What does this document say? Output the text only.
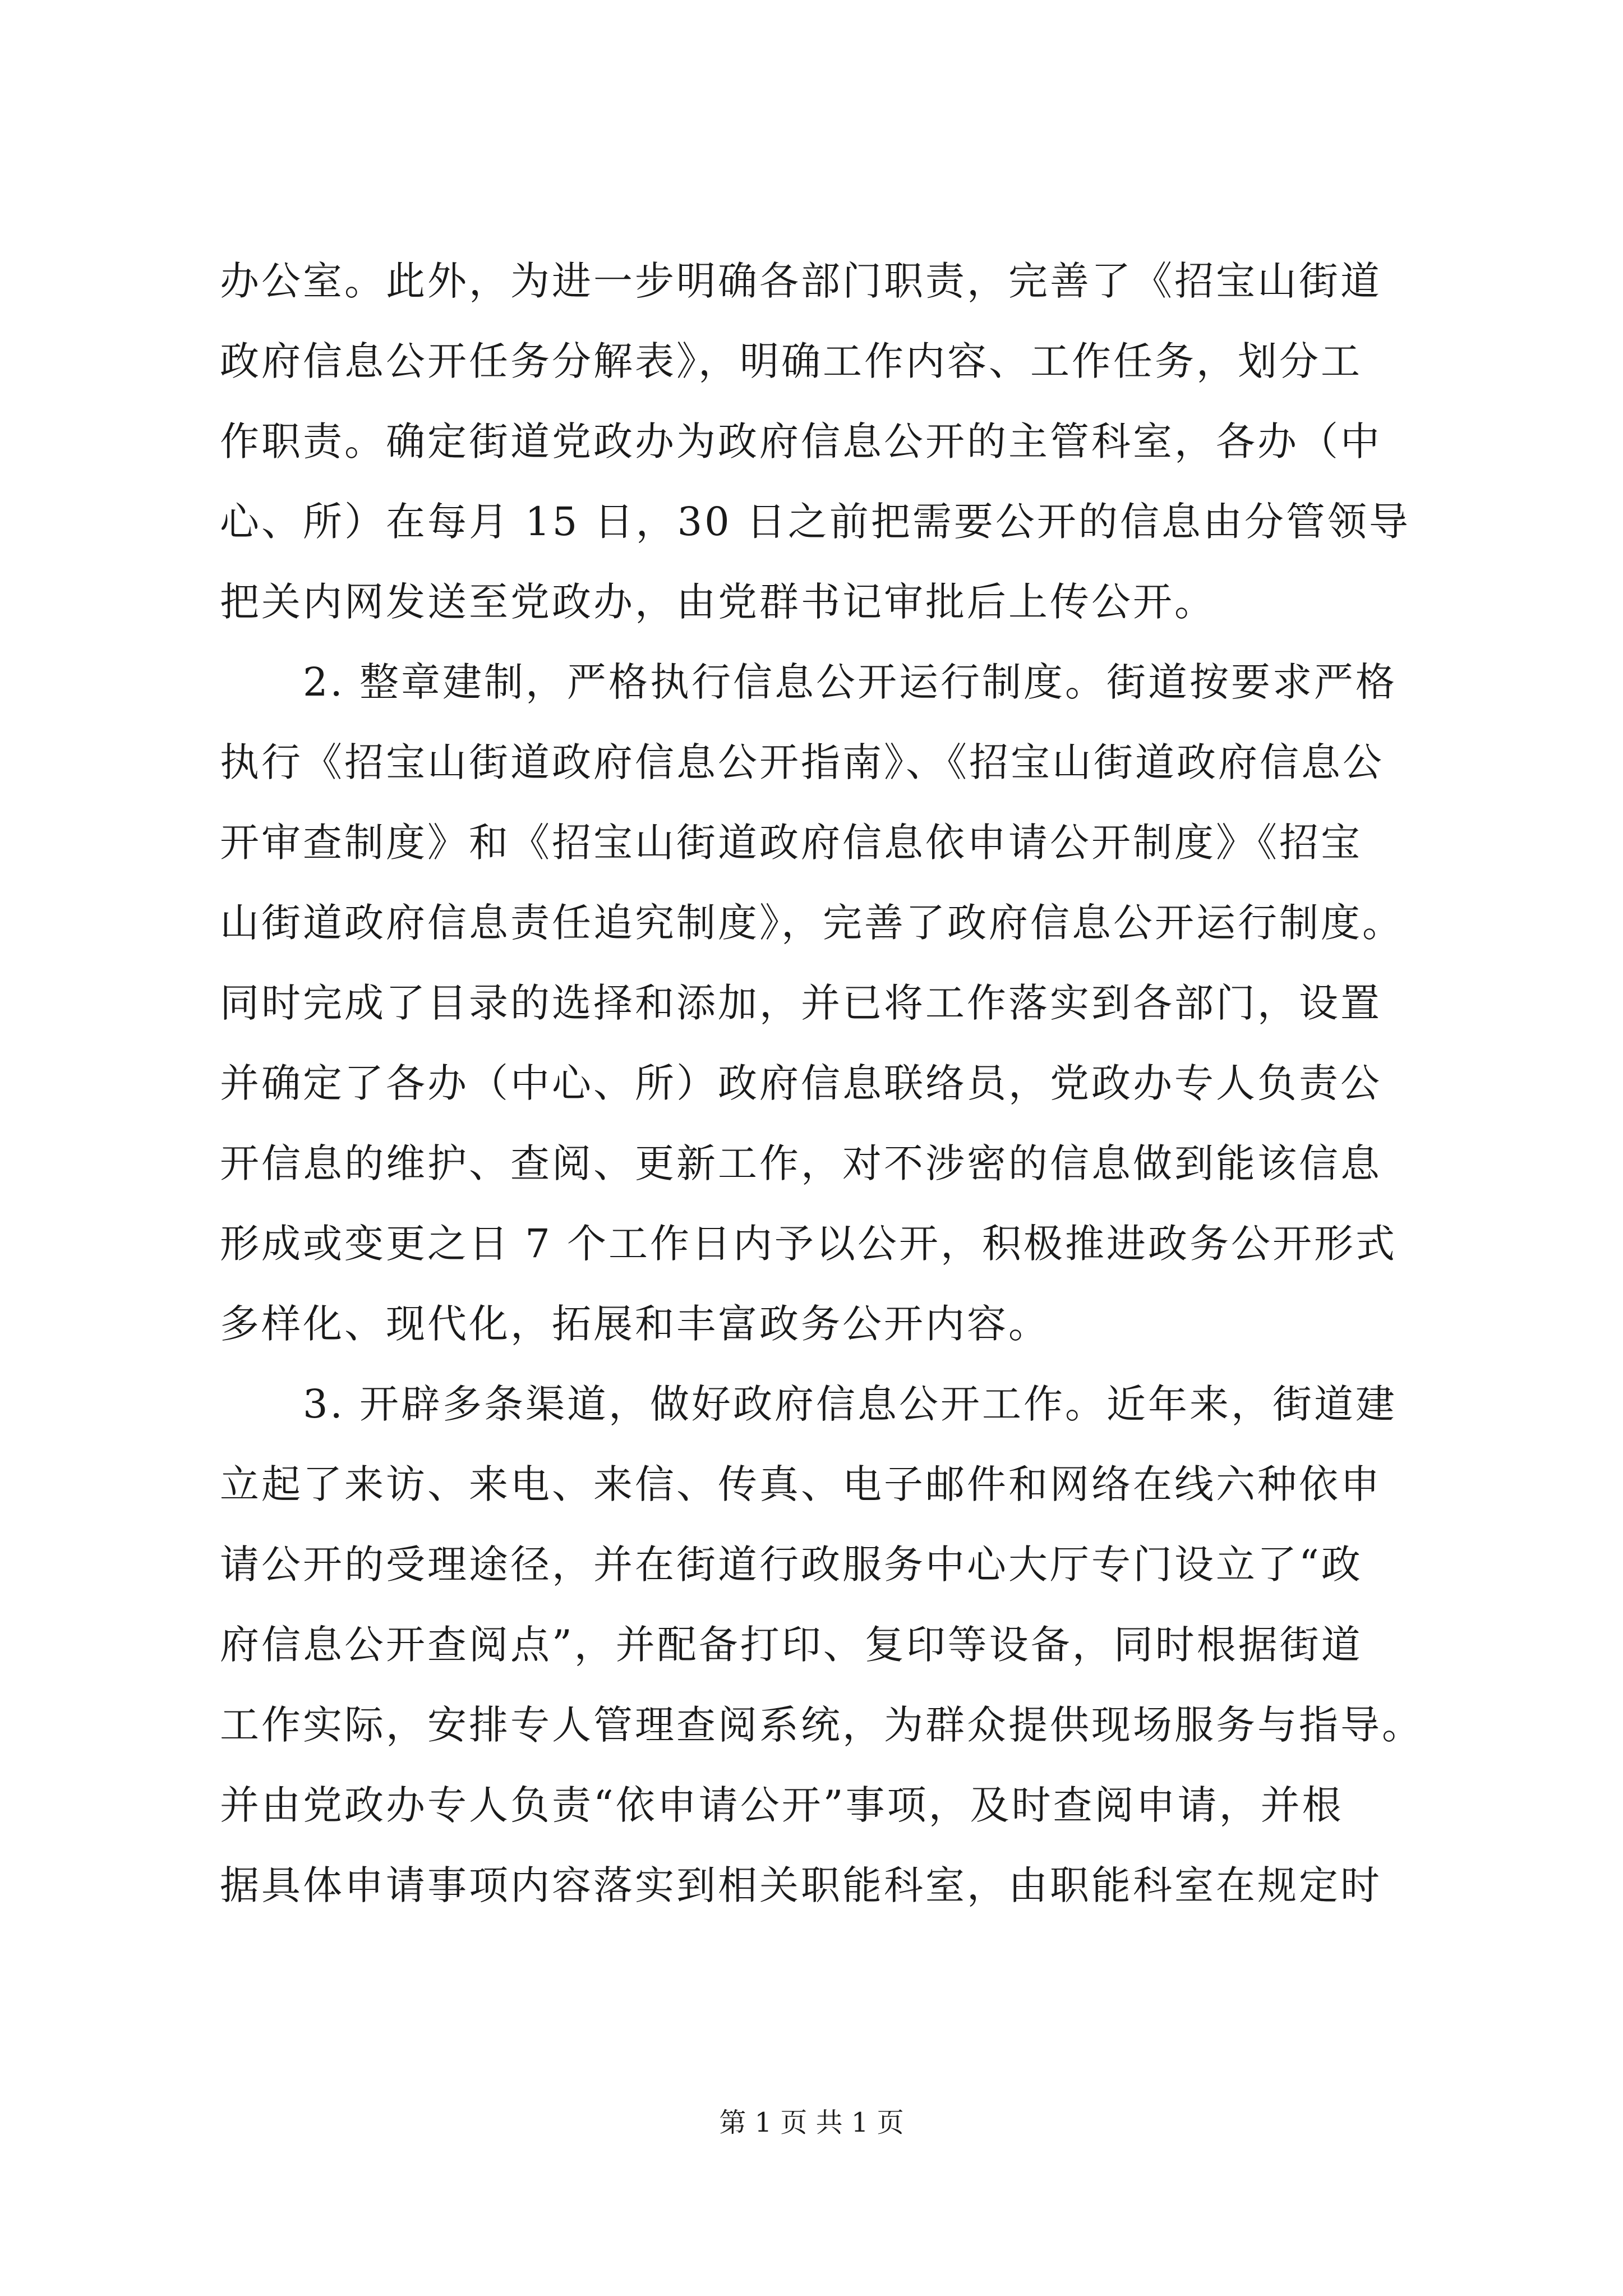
办公室。此外，为进一步明确各部门职责，完善了《招宝山街道
政府信息公开任务分解表》，明确工作内容、工作任务，划分工
作职责。确定街道党政办为政府信息公开的主管科室，各办（中
心、所）在每月 15 日，30 日之前把需要公开的信息由分管领导
把关内网发送至党政办，由党群书记审批后上传公开。
　　2. 整章建制，严格执行信息公开运行制度。街道按要求严格
执行《招宝山街道政府信息公开指南》、《招宝山街道政府信息公
开审查制度》和《招宝山街道政府信息依申请公开制度》《招宝
山街道政府信息责任追究制度》，完善了政府信息公开运行制度。
同时完成了目录的选择和添加，并已将工作落实到各部门，设置
并确定了各办（中心、所）政府信息联络员，党政办专人负责公
开信息的维护、查阅、更新工作，对不涉密的信息做到能该信息
形成或变更之日 7 个工作日内予以公开，积极推进政务公开形式
多样化、现代化，拓展和丰富政务公开内容。
　　3. 开辟多条渠道，做好政府信息公开工作。近年来，街道建
立起了来访、来电、来信、传真、电子邮件和网络在线六种依申
请公开的受理途径，并在街道行政服务中心大厅专门设立了“政
府信息公开查阅点”，并配备打印、复印等设备，同时根据街道
工作实际，安排专人管理查阅系统，为群众提供现场服务与指导。
并由党政办专人负责“依申请公开”事项，及时查阅申请，并根
据具体申请事项内容落实到相关职能科室，由职能科室在规定时
第 1 页 共 1 页
